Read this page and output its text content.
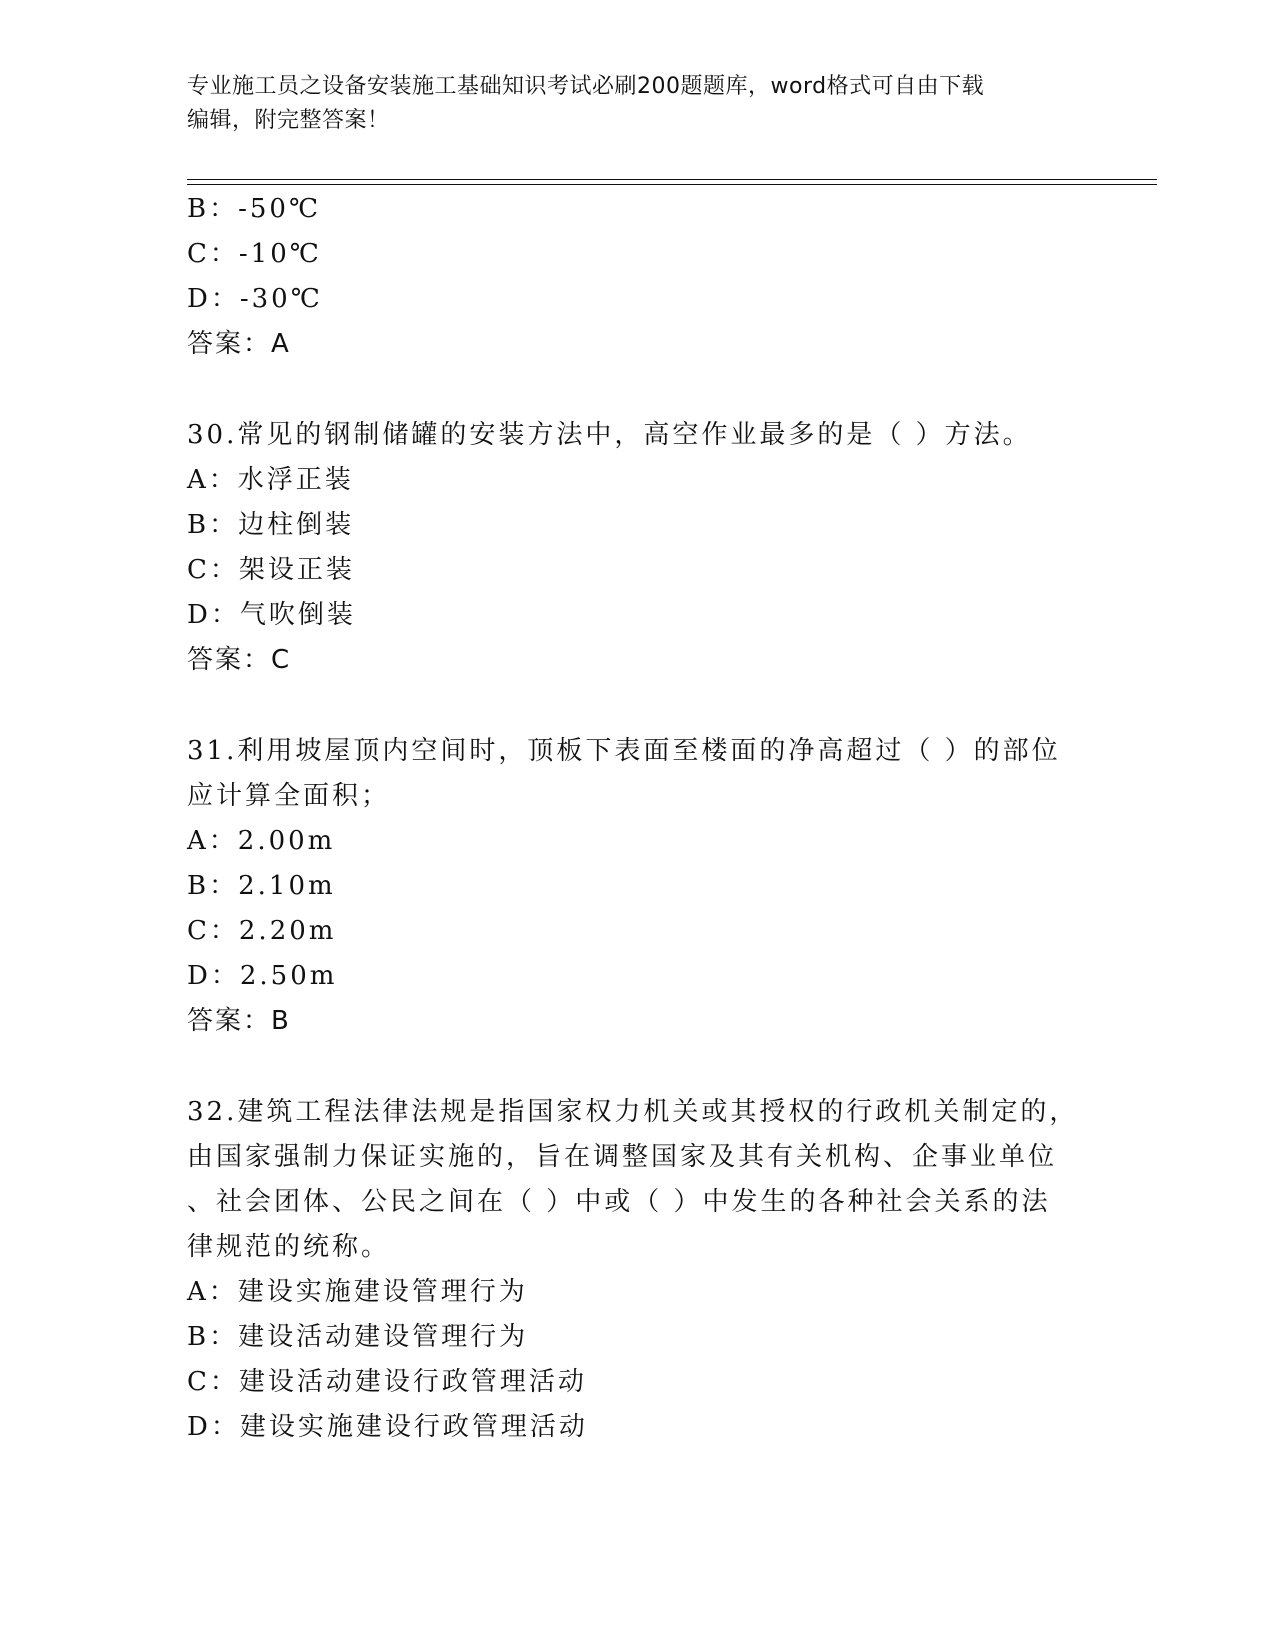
专业施工员之设备安装施工基础知识考试必刷200题题库，word格式可自由下载
编辑，附完整答案！
B：-50℃
C：-10℃
D：-30℃
答案：A
30.常见的钢制储罐的安装方法中，高空作业最多的是（ ）方法。
A：水浮正装
B：边柱倒装
C：架设正装
D：气吹倒装
答案：C
31.利用坡屋顶内空间时，顶板下表面至楼面的净高超过（ ）的部位
应计算全面积；
A：2.00m
B：2.10m
C：2.20m
D：2.50m
答案：B
32.建筑工程法律法规是指国家权力机关或其授权的行政机关制定的，
由国家强制力保证实施的，旨在调整国家及其有关机构、企事业单位
、社会团体、公民之间在（ ）中或（ ）中发生的各种社会关系的法
律规范的统称。
A：建设实施建设管理行为
B：建设活动建设管理行为
C：建设活动建设行政管理活动
D：建设实施建设行政管理活动
